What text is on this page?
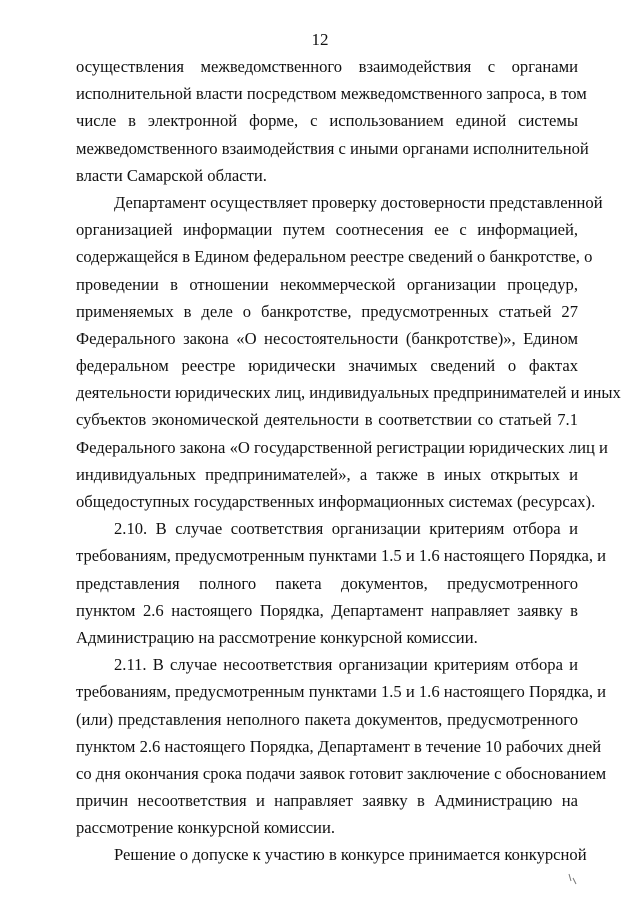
12
осуществления межведомственного взаимодействия с органами
исполнительной власти посредством межведомственного запроса, в том
числе в электронной форме, с использованием единой системы
межведомственного взаимодействия с иными органами исполнительной
власти Самарской области.
Департамент осуществляет проверку достоверности представленной
организацией информации путем соотнесения ее с информацией,
содержащейся в Едином федеральном реестре сведений о банкротстве, о
проведении в отношении некоммерческой организации процедур,
применяемых в деле о банкротстве, предусмотренных статьей 27
Федерального закона «О несостоятельности (банкротстве)», Едином
федеральном реестре юридически значимых сведений о фактах
деятельности юридических лиц, индивидуальных предпринимателей и иных
субъектов экономической деятельности в соответствии со статьей 7.1
Федерального закона «О государственной регистрации юридических лиц и
индивидуальных предпринимателей», а также в иных открытых и
общедоступных государственных информационных системах (ресурсах).
2.10. В случае соответствия организации критериям отбора и
требованиям, предусмотренным пунктами 1.5 и 1.6 настоящего Порядка, и
представления полного пакета документов, предусмотренного
пунктом 2.6 настоящего Порядка, Департамент направляет заявку в
Администрацию на рассмотрение конкурсной комиссии.
2.11. В случае несоответствия организации критериям отбора и
требованиям, предусмотренным пунктами 1.5 и 1.6 настоящего Порядка, и
(или) представления неполного пакета документов, предусмотренного
пунктом 2.6 настоящего Порядка, Департамент в течение 10 рабочих дней
со дня окончания срока подачи заявок готовит заключение с обоснованием
причин несоответствия и направляет заявку в Администрацию на
рассмотрение конкурсной комиссии.
Решение о допуске к участию в конкурсе принимается конкурсной
